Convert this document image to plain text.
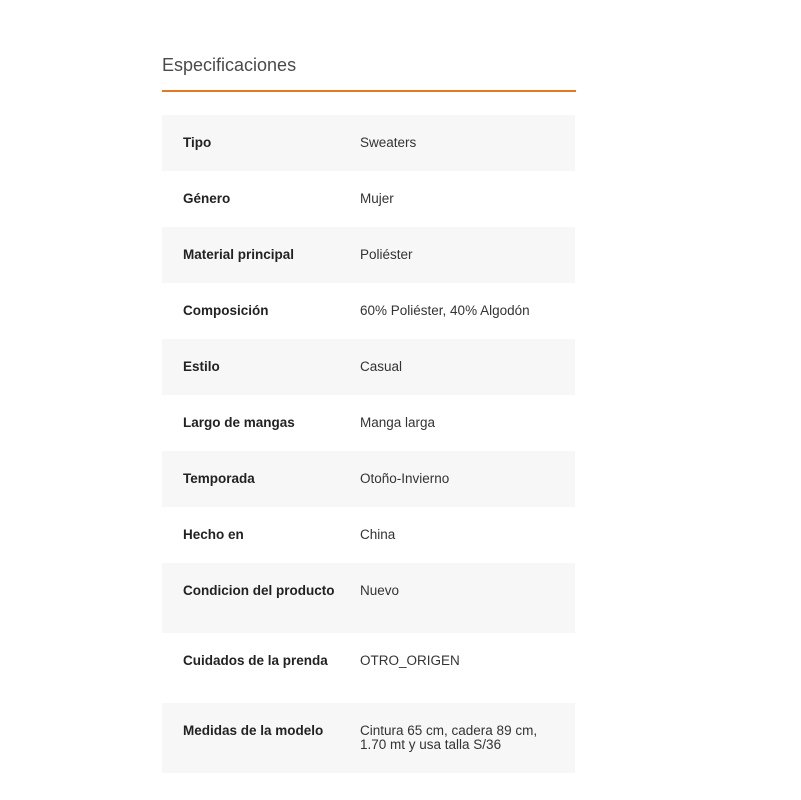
Especificaciones
Tipo	Sweaters
Género	Mujer
Material principal	Poliéster
Composición	60% Poliéster, 40% Algodón
Estilo	Casual
Largo de mangas	Manga larga
Temporada	Otoño-Invierno
Hecho en	China
Condicion del producto	Nuevo
Cuidados de la prenda	OTRO_ORIGEN
Medidas de la modelo	Cintura 65 cm, cadera 89 cm, 1.70 mt y usa talla S/36
